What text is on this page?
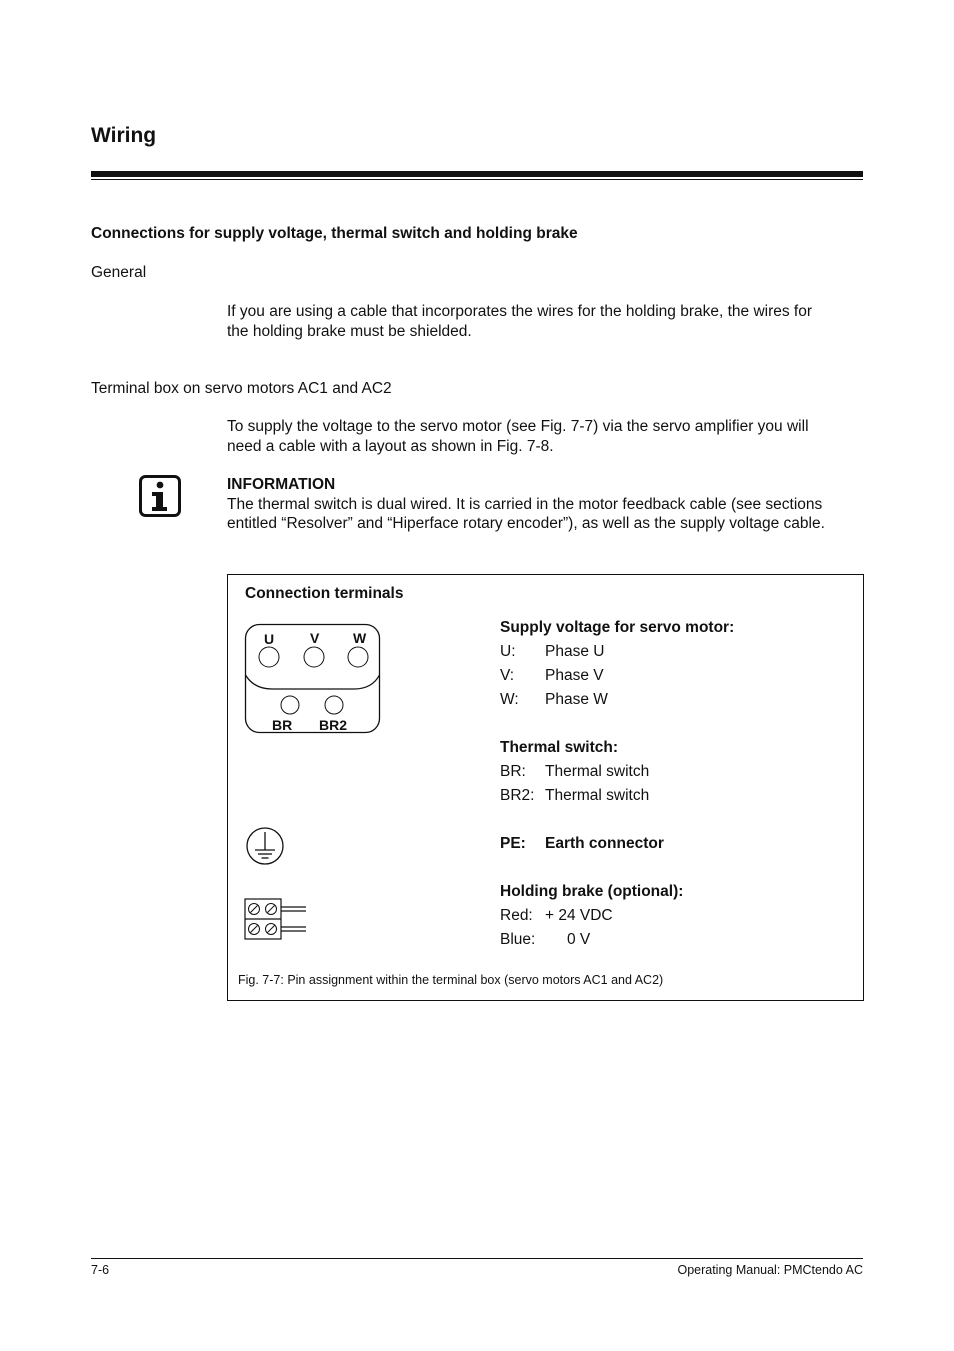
Wiring
Connections for supply voltage, thermal switch and holding brake
General
If you are using a cable that incorporates the wires for the holding brake, the wires for
the holding brake must be shielded.
Terminal box on servo motors AC1 and AC2
To supply the voltage to the servo motor (see Fig. 7-7) via the servo amplifier you will
need a cable with a layout as shown in Fig. 7-8.
INFORMATION
The thermal switch is dual wired. It is carried in the motor feedback cable (see sections
entitled “Resolver” and “Hiperface rotary encoder”), as well as the supply voltage cable.
Connection terminals
U	V W
BR BR2
Supply voltage for servo motor:
U: Phase U
V: Phase V
W: Phase W
Thermal switch:
BR: Thermal switch
BR2: Thermal switch
PE: Earth connector
Holding brake (optional):
Red: + 24 VDC
Blue: 0 V
Fig. 7-7: Pin assignment within the terminal box (servo motors AC1 and AC2)
7-6	Operating Manual: PMCtendo AC
